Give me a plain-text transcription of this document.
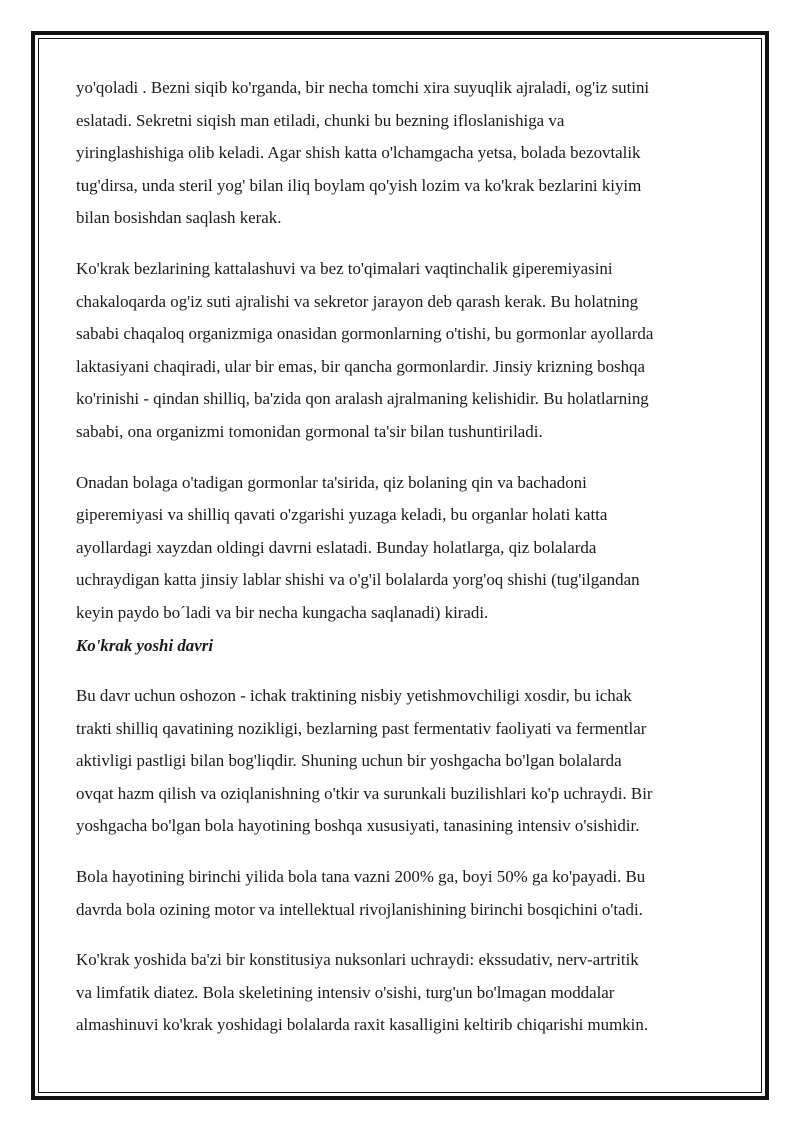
yo'qoladi . Bezni siqib ko'rganda, bir necha tomchi xira suyuqlik ajraladi, og'iz sutini
eslatadi. Sekretni siqish man etiladi, chunki bu bezning ifloslanishiga va
yiringlashishiga olib keladi. Agar shish katta o'lchamgacha yetsa, bolada bezovtalik
tug'dirsa, unda steril yog' bilan iliq boylam qo'yish lozim va ko'krak bezlarini kiyim
bilan bosishdan saqlash kerak.

Ko'krak bezlarining kattalashuvi va bez to'qimalari vaqtinchalik giperemiyasini
chakaloqarda og'iz suti ajralishi va sekretor jarayon deb qarash kerak. Bu holatning
sababi chaqaloq organizmiga onasidan gormonlarning o'tishi, bu gormonlar ayollarda
laktasiyani chaqiradi, ular bir emas, bir qancha gormonlardir. Jinsiy krizning boshqa
ko'rinishi - qindan shilliq, ba'zida qon aralash ajralmaning kelishidir. Bu holatlarning
sababi, ona organizmi tomonidan gormonal ta'sir bilan tushuntiriladi.

Onadan bolaga o'tadigan gormonlar ta'sirida, qiz bolaning qin va bachadoni
giperemiyasi va shilliq qavati o'zgarishi yuzaga keladi, bu organlar holati katta
ayollardagi xayzdan oldingi davrni eslatadi. Bunday holatlarga, qiz bolalarda
uchraydigan katta jinsiy lablar shishi va o'g'il bolalarda yorg'oq shishi (tug'ilgandan
keyin paydo bo´ladi va bir necha kungacha saqlanadi) kiradi.

Ko'krak yoshi davri

Bu davr uchun oshozon - ichak traktining nisbiy yetishmovchiligi xosdir, bu ichak
trakti shilliq qavatining nozikligi, bezlarning past fermentativ faoliyati va fermentlar
aktivligi pastligi bilan bog'liqdir. Shuning uchun bir yoshgacha bo'lgan bolalarda
ovqat hazm qilish va oziqlanishning o'tkir va surunkali buzilishlari ko'p uchraydi. Bir
yoshgacha bo'lgan bola hayotining boshqa xususiyati, tanasining intensiv o'sishidir.

Bola hayotining birinchi yilida bola tana vazni 200% ga, boyi 50% ga ko'payadi. Bu
davrda bola ozining motor va intellektual rivojlanishining birinchi bosqichini o'tadi.

Ko'krak yoshida ba'zi bir konstitusiya nuksonlari uchraydi: ekssudativ, nerv-artritik
va limfatik diatez. Bola skeletining intensiv o'sishi, turg'un bo'lmagan moddalar
almashinuvi ko'krak yoshidagi bolalarda raxit kasalligini keltirib chiqarishi mumkin.
